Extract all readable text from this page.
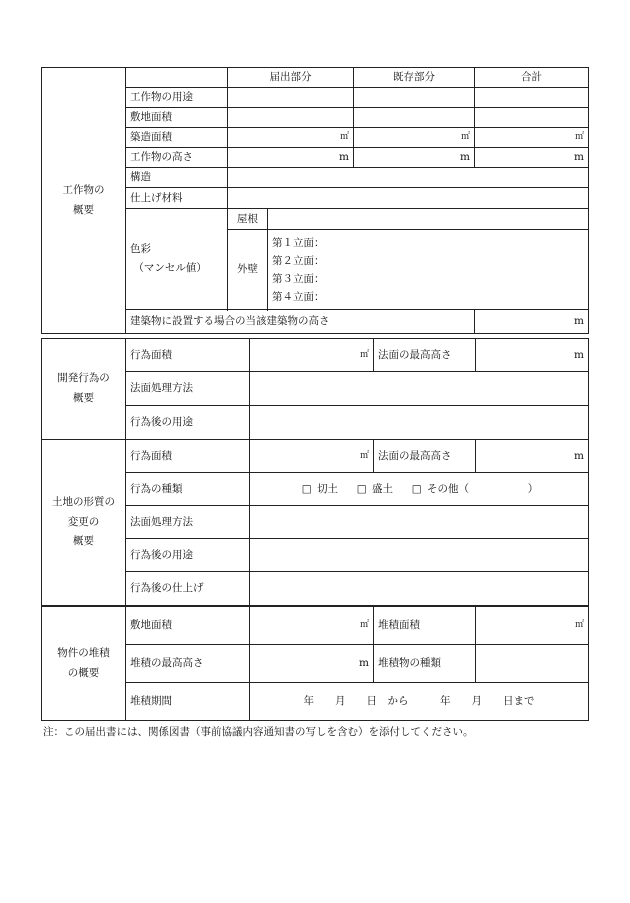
工作物の
概要		届出部分		既存部分	合計
	工作物の用途				
	敷地面積				
	築造面積	㎡		㎡	㎡
	工作物の高さ	m		m	m
	構造				
	仕上げ材料				
	色彩
（マンセル値）	屋根			
		外壁	第１立面：
第２立面：
第３立面：
第４立面：		

	建築物に設置する場合の当該建築物の高さ				m
開発行為の
概要	行為面積	㎡	法面の最高高さ	m
	法面処理方法			
	行為後の用途			
土地の形質の
変更の
概要	行為面積	㎡	法面の最高高さ	m
	行為の種類	□ 切土 □ 盛土 □ その他（ ）		
	法面処理方法			
	行為後の用途			
	行為後の仕上げ			
物件の堆積
の概要	敷地面積	㎡	堆積面積	㎡
	堆積の最高高さ	m	堆積物の種類	
	堆積期間	年　　月　　日　から　　　年　　月　　日まで		
注：この届出書には、関係図書（事前協議内容通知書の写しを含む）を添付してください。
